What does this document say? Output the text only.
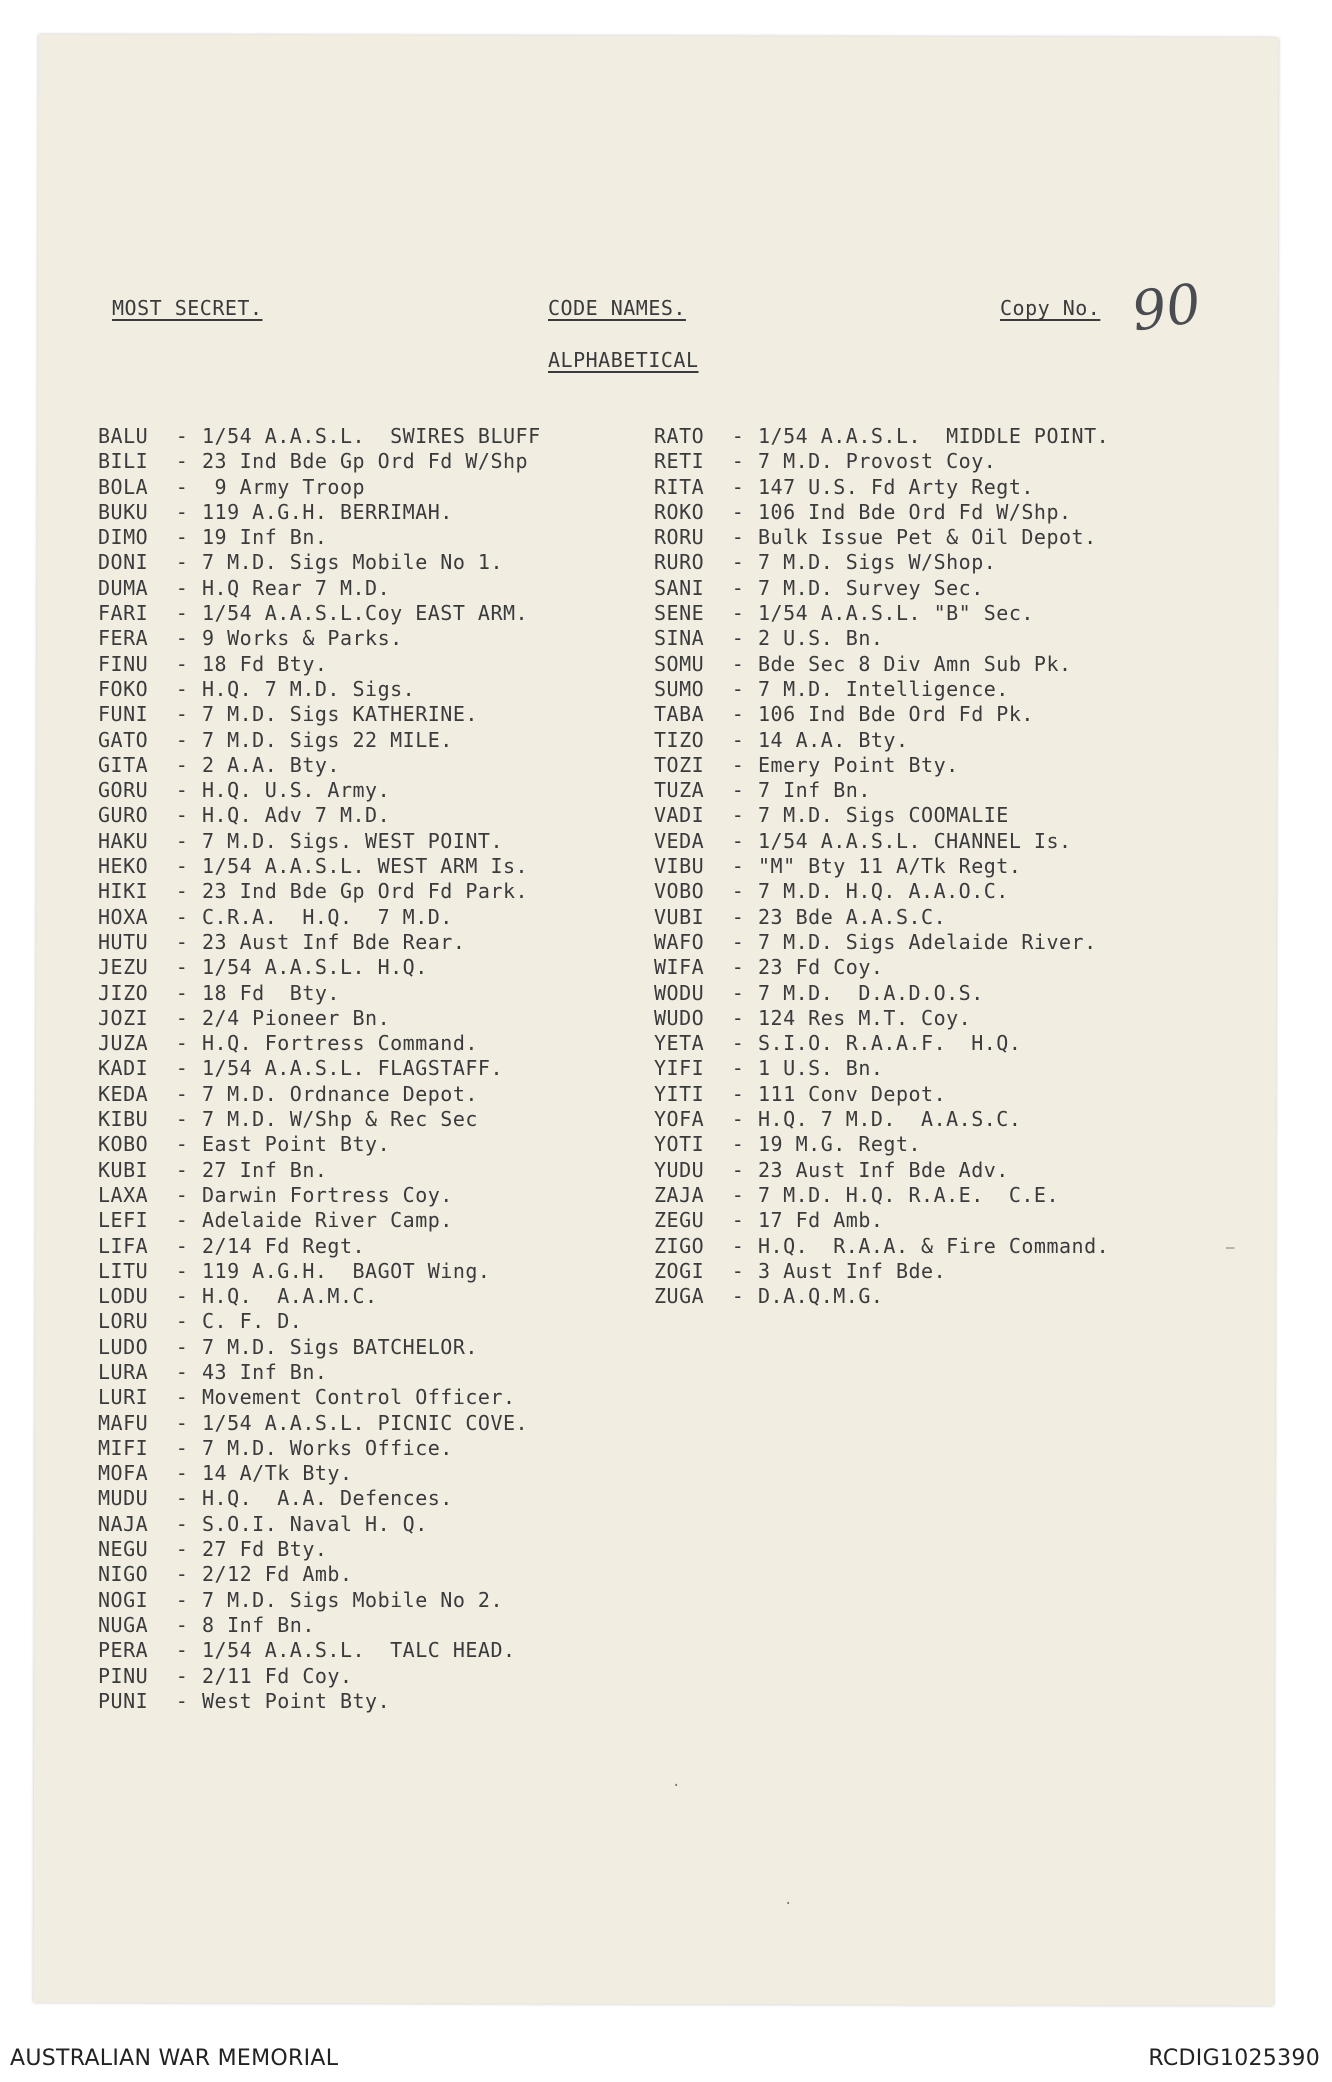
MOST SECRET.	CODE NAMES.	Copy No. 90
ALPHABETICAL
BALU - 1/54 A.A.S.L.  SWIRES BLUFF
BILI - 23 Ind Bde Gp Ord Fd W/Shp
BOLA - 9 Army Troop
BUKU - 119 A.G.H. BERRIMAH.
DIMO - 19 Inf Bn.
DONI - 7 M.D. Sigs Mobile No 1.
DUMA - H.Q Rear 7 M.D.
FARI - 1/54 A.A.S.L.Coy EAST ARM.
FERA - 9 Works & Parks.
FINU - 18 Fd Bty.
FOKO - H.Q. 7 M.D. Sigs.
FUNI - 7 M.D. Sigs KATHERINE.
GATO - 7 M.D. Sigs 22 MILE.
GITA - 2 A.A. Bty.
GORU - H.Q. U.S. Army.
GURO - H.Q. Adv 7 M.D.
HAKU - 7 M.D. Sigs. WEST POINT.
HEKO - 1/54 A.A.S.L. WEST ARM Is.
HIKI - 23 Ind Bde Gp Ord Fd Park.
HOXA - C.R.A.  H.Q.  7 M.D.
HUTU - 23 Aust Inf Bde Rear.
JEZU - 1/54 A.A.S.L. H.Q.
JIZO - 18 Fd  Bty.
JOZI - 2/4 Pioneer Bn.
JUZA - H.Q. Fortress Command.
KADI - 1/54 A.A.S.L. FLAGSTAFF.
KEDA - 7 M.D. Ordnance Depot.
KIBU - 7 M.D. W/Shp & Rec Sec
KOBO - East Point Bty.
KUBI - 27 Inf Bn.
LAXA - Darwin Fortress Coy.
LEFI - Adelaide River Camp.
LIFA - 2/14 Fd Regt.
LITU - 119 A.G.H.  BAGOT Wing.
LODU - H.Q.  A.A.M.C.
LORU - C. F. D.
LUDO - 7 M.D. Sigs BATCHELOR.
LURA - 43 Inf Bn.
LURI - Movement Control Officer.
MAFU - 1/54 A.A.S.L. PICNIC COVE.
MIFI - 7 M.D. Works Office.
MOFA - 14 A/Tk Bty.
MUDU - H.Q.  A.A. Defences.
NAJA - S.O.I. Naval H. Q.
NEGU - 27 Fd Bty.
NIGO - 2/12 Fd Amb.
NOGI - 7 M.D. Sigs Mobile No 2.
NUGA - 8 Inf Bn.
PERA - 1/54 A.A.S.L.  TALC HEAD.
PINU - 2/11 Fd Coy.
PUNI - West Point Bty.
RATO - 1/54 A.A.S.L.  MIDDLE POINT.
RETI - 7 M.D. Provost Coy.
RITA - 147 U.S. Fd Arty Regt.
ROKO - 106 Ind Bde Ord Fd W/Shp.
RORU - Bulk Issue Pet & Oil Depot.
RURO - 7 M.D. Sigs W/Shop.
SANI - 7 M.D. Survey Sec.
SENE - 1/54 A.A.S.L. "B" Sec.
SINA - 2 U.S. Bn.
SOMU - Bde Sec 8 Div Amn Sub Pk.
SUMO - 7 M.D. Intelligence.
TABA - 106 Ind Bde Ord Fd Pk.
TIZO - 14 A.A. Bty.
TOZI - Emery Point Bty.
TUZA - 7 Inf Bn.
VADI - 7 M.D. Sigs COOMALIE
VEDA - 1/54 A.A.S.L. CHANNEL Is.
VIBU - "M" Bty 11 A/Tk Regt.
VOBO - 7 M.D. H.Q. A.A.O.C.
VUBI - 23 Bde A.A.S.C.
WAFO - 7 M.D. Sigs Adelaide River.
WIFA - 23 Fd Coy.
WODU - 7 M.D.  D.A.D.O.S.
WUDO - 124 Res M.T. Coy.
YETA - S.I.O. R.A.A.F.  H.Q.
YIFI - 1 U.S. Bn.
YITI - 111 Conv Depot.
YOFA - H.Q. 7 M.D.  A.A.S.C.
YOTI - 19 M.G. Regt.
YUDU - 23 Aust Inf Bde Adv.
ZAJA - 7 M.D. H.Q. R.A.E.  C.E.
ZEGU - 17 Fd Amb.
ZIGO - H.Q.  R.A.A. & Fire Command.
ZOGI - 3 Aust Inf Bde.
ZUGA - D.A.Q.M.G.
—
·
·
AUSTRALIAN WAR MEMORIAL	RCDIG1025390
